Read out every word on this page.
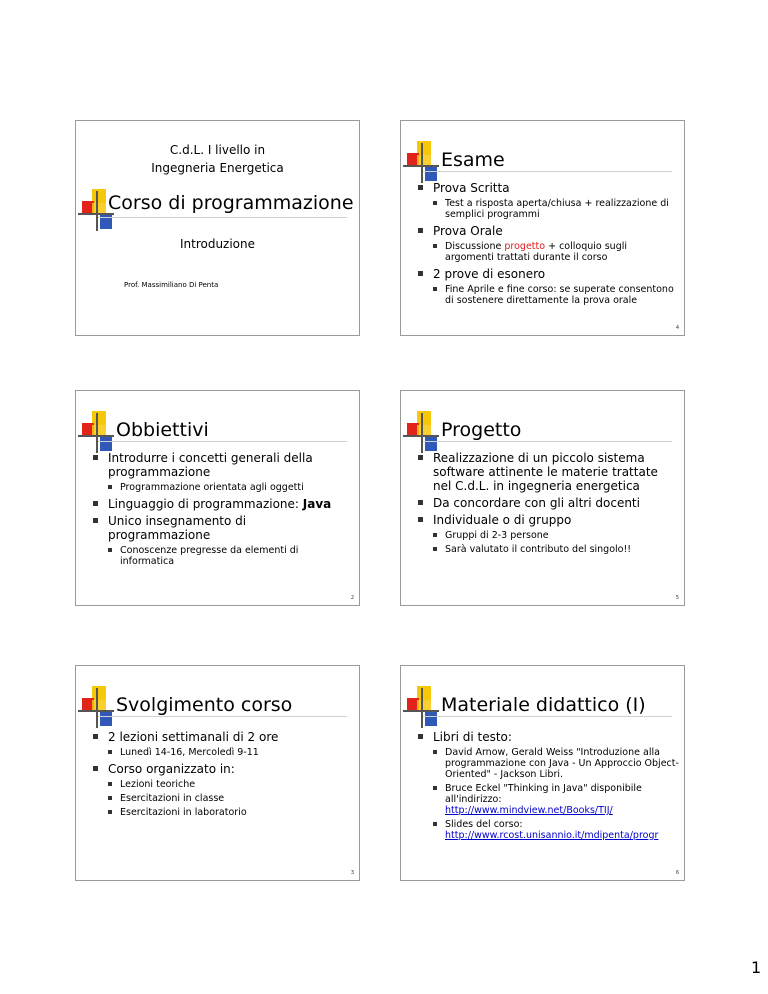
C.d.L. I livello in
Ingegneria Energetica
Corso di programmazione
Introduzione
Prof. Massimiliano Di Penta
Esame
Prova Scritta
Test a risposta aperta/chiusa + realizzazione di semplici programmi
Prova Orale
Discussione progetto + colloquio sugli argomenti trattati durante il corso
2 prove di esonero
Fine Aprile e fine corso: se superate consentono di sostenere direttamente la prova orale
4
Obbiettivi
Introdurre i concetti generali della programmazione
Programmazione orientata agli oggetti
Linguaggio di programmazione: Java
Unico insegnamento di programmazione
Conoscenze pregresse da elementi di informatica
2
Progetto
Realizzazione di un piccolo sistema software attinente le materie trattate nel C.d.L. in ingegneria energetica
Da concordare con gli altri docenti
Individuale o di gruppo
Gruppi di 2-3 persone
Sarà valutato il contributo del singolo!!
5
Svolgimento corso
2 lezioni settimanali di 2 ore
Lunedì 14-16, Mercoledì 9-11
Corso organizzato in:
Lezioni teoriche
Esercitazioni in classe
Esercitazioni in laboratorio
3
Materiale didattico (I)
Libri di testo:
David Arnow, Gerald Weiss "Introduzione alla programmazione con Java - Un Approccio Object-Oriented" - Jackson Libri.
Bruce Eckel "Thinking in Java" disponibile all'indirizzo:
http://www.mindview.net/Books/TIJ/
Slides del corso:
http://www.rcost.unisannio.it/mdipenta/progr
6
1
